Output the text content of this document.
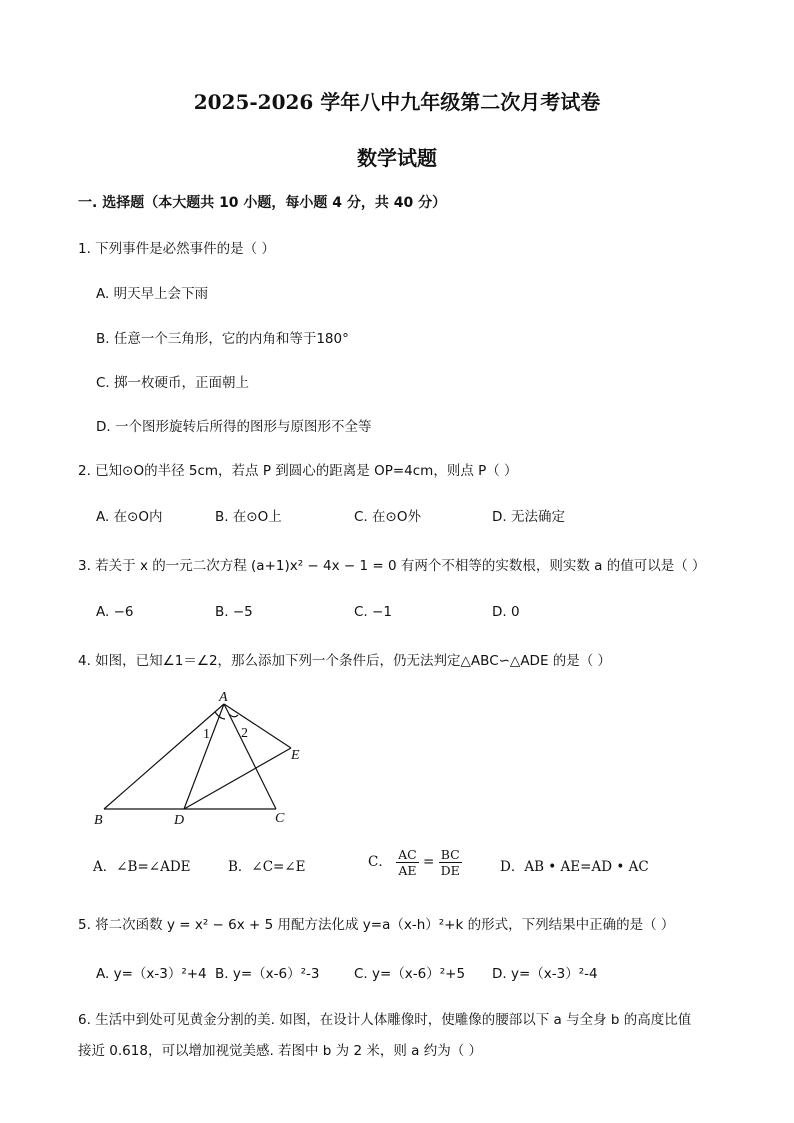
2025-2026 学年八中九年级第二次月考试卷
数学试题
一. 选择题（本大题共 10 小题，每小题 4 分，共 40 分）
1. 下列事件是必然事件的是（ ）
A. 明天早上会下雨
B. 任意一个三角形，它的内角和等于180°
C. 掷一枚硬币，正面朝上
D. 一个图形旋转后所得的图形与原图形不全等
2. 已知⊙O的半径 5cm，若点 P 到圆心的距离是 OP=4cm，则点 P（ ）
A. 在⊙O内	B. 在⊙O上	C. 在⊙O外	D. 无法确定
3. 若关于 x 的一元二次方程 (a+1)x² − 4x − 1 = 0 有两个不相等的实数根，则实数 a 的值可以是（ ）
A. −6	B. −5	C. −1	D. 0
4. 如图，已知∠1＝∠2，那么添加下列一个条件后，仍无法判定△ABC∽△ADE 的是（ ）
A
B	C
D
E
1 2
A．∠B=∠ADE	B．∠C=∠E	C． $\frac{AC}{AE} = \frac{BC}{DE}$	D．AB • AE=AD • AC
5. 将二次函数 y = x² − 6x + 5 用配方法化成 y=a（x-h）²+k 的形式，下列结果中正确的是（ ）
A. y=（x-3）²+4 B. y=（x-6）²-3	C. y=（x-6）²+5 D. y=（x-3）²-4
6. 生活中到处可见黄金分割的美. 如图，在设计人体雕像时，使雕像的腰部以下 a 与全身 b 的高度比值
接近 0.618，可以增加视觉美感. 若图中 b 为 2 米，则 a 约为（ ）
